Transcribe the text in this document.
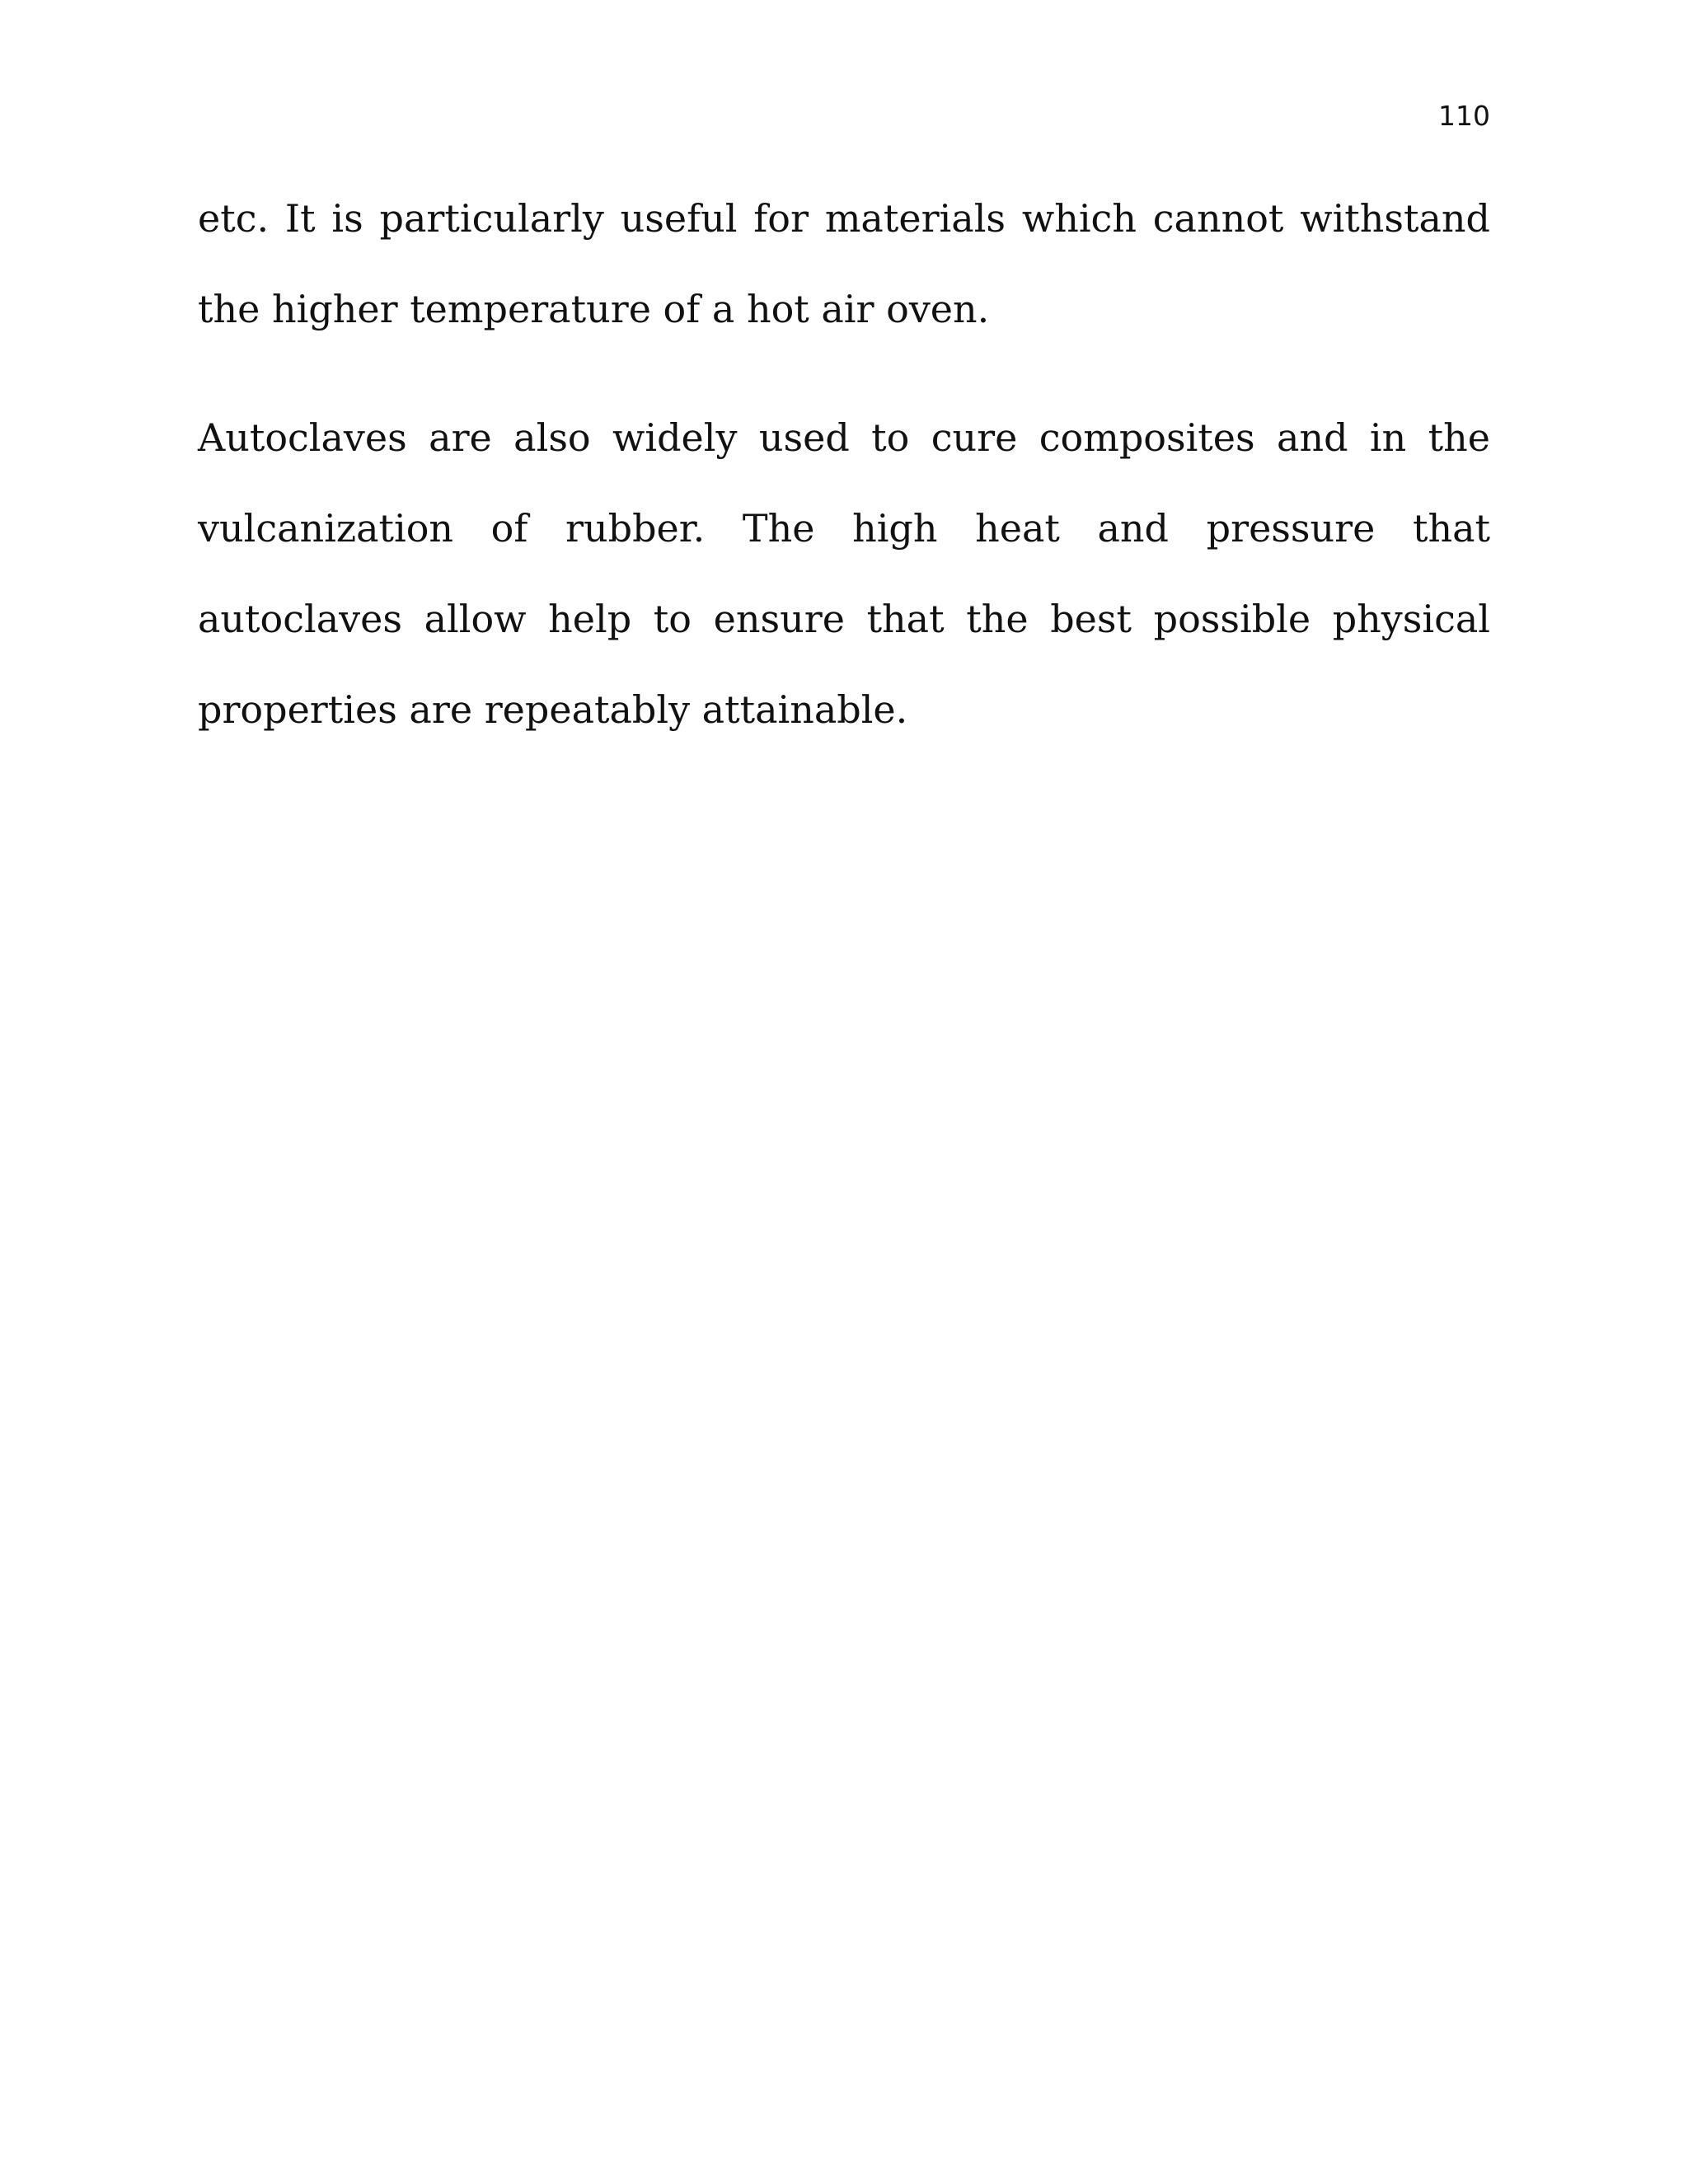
110

etc. It is particularly useful for materials which cannot withstand the higher temperature of a hot air oven.

Autoclaves are also widely used to cure composites and in the vulcanization of rubber. The high heat and pressure that autoclaves allow help to ensure that the best possible physical properties are repeatably attainable.
